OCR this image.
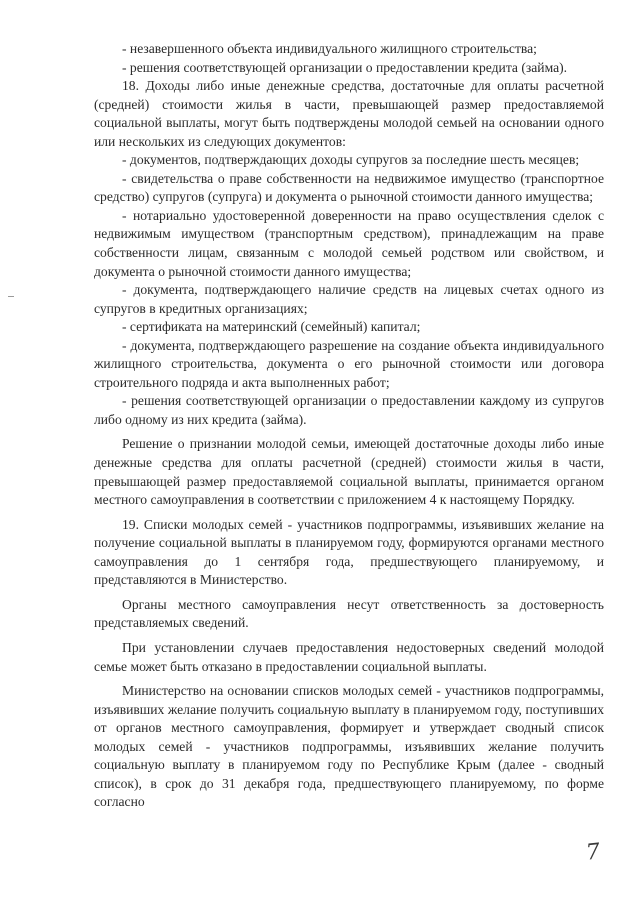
- незавершенного объекта индивидуального жилищного строительства;

- решения соответствующей организации о предоставлении кредита (займа).

18. Доходы либо иные денежные средства, достаточные для оплаты расчетной (средней) стоимости жилья в части, превышающей размер предоставляемой социальной выплаты, могут быть подтверждены молодой семьей на основании одного или нескольких из следующих документов:

- документов, подтверждающих доходы супругов за последние шесть месяцев;

- свидетельства о праве собственности на недвижимое имущество (транспортное средство) супругов (супруга) и документа о рыночной стоимости данного имущества;

- нотариально удостоверенной доверенности на право осуществления сделок с недвижимым имуществом (транспортным средством), принадлежащим на праве собственности лицам, связанным с молодой семьей родством или свойством, и документа о рыночной стоимости данного имущества;

- документа, подтверждающего наличие средств на лицевых счетах одного из супругов в кредитных организациях;

- сертификата на материнский (семейный) капитал;

- документа, подтверждающего разрешение на создание объекта индивидуального жилищного строительства, документа о его рыночной стоимости или договора строительного подряда и акта выполненных работ;

- решения соответствующей организации о предоставлении каждому из супругов либо одному из них кредита (займа).

Решение о признании молодой семьи, имеющей достаточные доходы либо иные денежные средства для оплаты расчетной (средней) стоимости жилья в части, превышающей размер предоставляемой социальной выплаты, принимается органом местного самоуправления в соответствии с приложением 4 к настоящему Порядку.

19. Списки молодых семей - участников подпрограммы, изъявивших желание на получение социальной выплаты в планируемом году, формируются органами местного самоуправления до 1 сентября года, предшествующего планируемому, и представляются в Министерство.

Органы местного самоуправления несут ответственность за достоверность представляемых сведений.

При установлении случаев предоставления недостоверных сведений молодой семье может быть отказано в предоставлении социальной выплаты.

Министерство на основании списков молодых семей - участников подпрограммы, изъявивших желание получить социальную выплату в планируемом году, поступивших от органов местного самоуправления, формирует и утверждает сводный список молодых семей - участников подпрограммы, изъявивших желание получить социальную выплату в планируемом году по Республике Крым (далее - сводный список), в срок до 31 декабря года, предшествующего планируемому, по форме согласно

7
